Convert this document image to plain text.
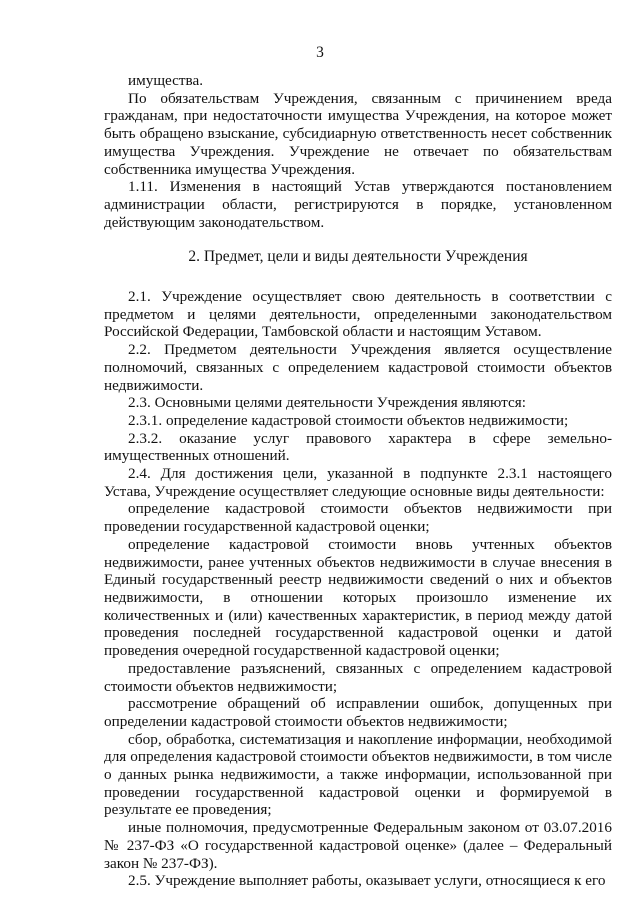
3

имущества.

По обязательствам Учреждения, связанным с причинением вреда гражданам, при недостаточности имущества Учреждения, на которое может быть обращено взыскание, субсидиарную ответственность несет собственник имущества Учреждения. Учреждение не отвечает по обязательствам собственника имущества Учреждения.

1.11. Изменения в настоящий Устав утверждаются постановлением администрации области, регистрируются в порядке, установленном действующим законодательством.

2. Предмет, цели и виды деятельности Учреждения

2.1. Учреждение осуществляет свою деятельность в соответствии с предметом и целями деятельности, определенными законодательством Российской Федерации, Тамбовской области и настоящим Уставом.

2.2. Предметом деятельности Учреждения является осуществление полномочий, связанных с определением кадастровой стоимости объектов недвижимости.

2.3. Основными целями деятельности Учреждения являются:

2.3.1. определение кадастровой стоимости объектов недвижимости;

2.3.2. оказание услуг правового характера в сфере земельно-имущественных отношений.

2.4. Для достижения цели, указанной в подпункте 2.3.1 настоящего Устава, Учреждение осуществляет следующие основные виды деятельности:

определение кадастровой стоимости объектов недвижимости при проведении государственной кадастровой оценки;

определение кадастровой стоимости вновь учтенных объектов недвижимости, ранее учтенных объектов недвижимости в случае внесения в Единый государственный реестр недвижимости сведений о них и объектов недвижимости, в отношении которых произошло изменение их количественных и (или) качественных характеристик, в период между датой проведения последней государственной кадастровой оценки и датой проведения очередной государственной кадастровой оценки;

предоставление разъяснений, связанных с определением кадастровой стоимости объектов недвижимости;

рассмотрение обращений об исправлении ошибок, допущенных при определении кадастровой стоимости объектов недвижимости;

сбор, обработка, систематизация и накопление информации, необходимой для определения кадастровой стоимости объектов недвижимости, в том числе о данных рынка недвижимости, а также информации, использованной при проведении государственной кадастровой оценки и формируемой в результате ее проведения;

иные полномочия, предусмотренные Федеральным законом от 03.07.2016 № 237-ФЗ «О государственной кадастровой оценке» (далее – Федеральный закон № 237-ФЗ).

2.5. Учреждение выполняет работы, оказывает услуги, относящиеся к его
